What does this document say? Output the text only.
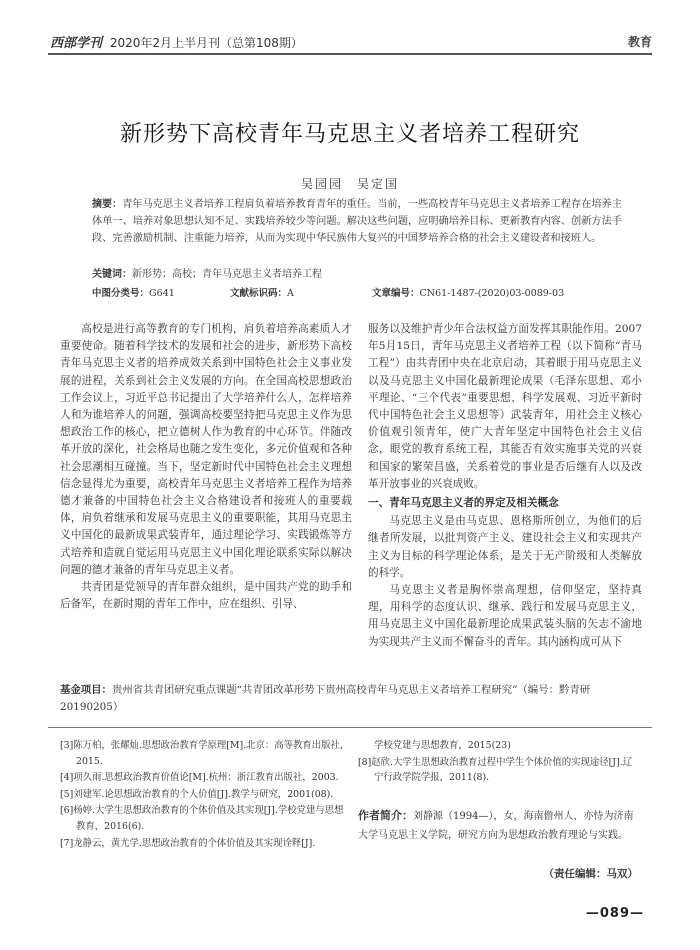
西部学刊 2020年2月上半月刊（总第108期）	教育
新形势下高校青年马克思主义者培养工程研究
吴园园　吴定国
摘要：青年马克思主义者培养工程肩负着培养教育青年的重任。当前，一些高校青年马克思主义者培养工程存在培养主体单一、培养对象思想认知不足、实践培养较少等问题。解决这些问题，应明确培养目标、更新教育内容、创新方法手段、完善激励机制、注重能力培养，从而为实现中华民族伟大复兴的中国梦培养合格的社会主义建设者和接班人。
关键词：新形势；高校；青年马克思主义者培养工程
中图分类号：G641	文献标识码：A	文章编号：CN61-1487-(2020)03-0089-03

高校是进行高等教育的专门机构，肩负着培养高素质人才重要使命。随着科学技术的发展和社会的进步，新形势下高校青年马克思主义者的培养成效关系到中国特色社会主义事业发展的进程，关系到社会主义发展的方向。在全国高校思想政治工作会议上，习近平总书记提出了大学培养什么人，怎样培养人和为谁培养人的问题，强调高校要坚持把马克思主义作为思想政治工作的核心，把立德树人作为教育的中心环节。伴随改革开放的深化，社会格局也随之发生变化，多元价值观和各种社会思潮相互碰撞。当下，坚定新时代中国特色社会主义理想信念显得尤为重要，高校青年马克思主义者培养工程作为培养德才兼备的中国特色社会主义合格建设者和接班人的重要载体，肩负着继承和发展马克思主义的重要职能，其用马克思主义中国化的最新成果武装青年，通过理论学习、实践锻炼等方式培养和造就自觉运用马克思主义中国化理论联系实际以解决问题的德才兼备的青年马克思主义者。

共青团是党领导的青年群众组织，是中国共产党的助手和后备军，在新时期的青年工作中，应在组织、引导、

服务以及维护青少年合法权益方面发挥其职能作用。2007年5月15日，青年马克思主义者培养工程（以下简称“青马工程”）由共青团中央在北京启动，其着眼于用马克思主义以及马克思主义中国化最新理论成果（毛泽东思想、邓小平理论、“三个代表”重要思想、科学发展观、习近平新时代中国特色社会主义思想等）武装青年，用社会主义核心价值观引领青年，使广大青年坚定中国特色社会主义信念，眼党的教育系统工程，其能否有效实施事关党的兴衰和国家的繁荣昌盛，关系着党的事业是否后继有人以及改革开放事业的兴衰成败。

一、青年马克思主义者的界定及相关概念

马克思主义是由马克思、恩格斯所创立，为他们的后继者所发展，以批判资产主义、建设社会主义和实现共产主义为目标的科学理论体系，是关于无产阶级和人类解放的科学。

马克思主义者是胸怀崇高理想，信仰坚定，坚持真理，用科学的态度认识、继承、践行和发展马克思主义，用马克思主义中国化最新理论成果武装头脑的矢志不渝地为实现共产主义而不懈奋斗的青年。其内涵构成可从下

基金项目：贵州省共青团研究重点课题“共青团改革形势下贵州高校青年马克思主义者培养工程研究”（编号：黔青研20190205）
[3]陈万柏，张耀灿.思想政治教育学原理[M].北京：高等教育出版社，2015.
[4]项久雨.思想政治教育价值论[M].杭州：浙江教育出版社，2003.
[5]刘建军.论思想政治教育的个人价值[J].教学与研究，2001(08).
[6]杨婷.大学生思想政治教育的个体价值及其实现[J].学校党建与思想教育，2016(6).
[7]龙静云，黄尤学.思想政治教育的个体价值及其实现诠释[J].
学校党建与思想教育，2015(23)
[8]赵欣.大学生思想政治教育过程中学生个体价值的实现途径[J].辽宁行政学院学报，2011(8).
作者简介：刘静源（1994—），女，海南儋州人，亦恃为济南大学马克思主义学院，研究方向为思想政治教育理论与实践。
（责任编辑：马双）
—089—
